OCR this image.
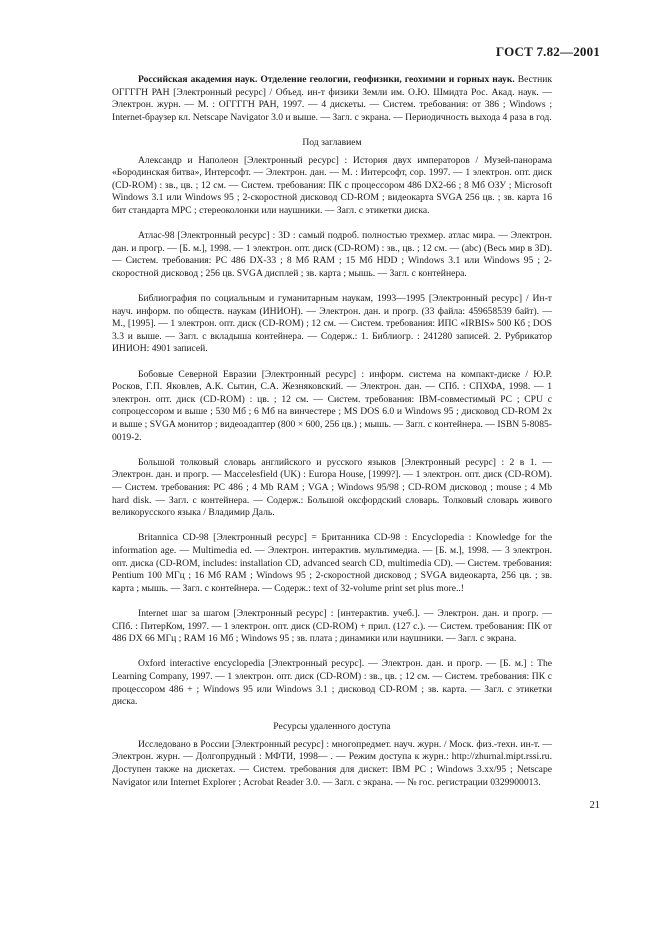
ГОСТ 7.82—2001

Российская академия наук. Отделение геологии, геофизики, геохимии и горных наук. Вестник ОГГГГН РАН [Электронный ресурс] / Объед. ин-т физики Земли им. О.Ю. Шмидта Рос. Акад. наук. — Электрон. журн. — М. : ОГГГГН РАН, 1997. — 4 дискеты. — Систем. требования: от 386 ; Windows ; Internet-браузер кл. Netscape Navigator 3.0 и выше. — Загл. с экрана. — Периодичность выхода 4 раза в год.

Под заглавием

Александр и Наполеон [Электронный ресурс] : История двух императоров / Музей-панорама «Бородинская битва», Интерсофт. — Электрон. дан. — М. : Интерсофт, сор. 1997. — 1 электрон. опт. диск (CD-ROM) : зв., цв. ; 12 см. — Систем. требования: ПК с процессором 486 DX2-66 ; 8 Мб ОЗУ ; Microsoft Windows 3.1 или Windows 95 ; 2-скоростной дисковод CD-ROM ; видеокарта SVGA 256 цв. ; зв. карта 16 бит стандарта MPC ; стереоколонки или наушники. — Загл. с этикетки диска.

Атлас-98 [Электронный ресурс] : 3D : самый подроб. полностью трехмер. атлас мира. — Электрон. дан. и прогр. — [Б. м.], 1998. — 1 электрон. опт. диск (CD-ROM) : зв., цв. ; 12 см. — (abc) (Весь мир в 3D). — Систем. требования: PC 486 DX-33 ; 8 Мб RAM ; 15 Мб HDD ; Windows 3.1 или Windows 95 ; 2-скоростной дисковод ; 256 цв. SVGA дисплей ; зв. карта ; мышь. — Загл. с контейнера.

Библиография по социальным и гуманитарным наукам, 1993—1995 [Электронный ресурс] / Ин-т науч. информ. по обществ. наукам (ИНИОН). — Электрон. дан. и прогр. (33 файла: 459658539 байт). — М., [1995]. — 1 электрон. опт. диск (CD-ROM) ; 12 см. — Систем. требования: ИПС «IRBIS» 500 Кб ; DOS 3.3 и выше. — Загл. с вкладыша контейнера. — Содерж.: 1. Библиогр. : 241280 записей. 2. Рубрикатор ИНИОН: 4901 записей.

Бобовые Северной Евразии [Электронный ресурс] : информ. система на компакт-диске / Ю.Р. Росков, Г.П. Яковлев, А.К. Сытин, С.А. Жезняковский. — Электрон. дан. — СПб. : СПХФА, 1998. — 1 электрон. опт. диск (CD-ROM) : цв. ; 12 см. — Систем. требования: IBM-совместимый PC ; CPU с сопроцессором и выше ; 530 Мб ; 6 Мб на винчестере ; MS DOS 6.0 и Windows 95 ; дисковод CD-ROM 2x и выше ; SVGA монитор ; видеоадаптер (800 × 600, 256 цв.) ; мышь. — Загл. с контейнера. — ISBN 5-8085-0019-2.

Большой толковый словарь английского и русского языков [Электронный ресурс] : 2 в 1. — Электрон. дан. и прогр. — Maccelesfield (UK) : Europa House, [1999?]. — 1 электрон. опт. диск (CD-ROM). — Систем. требования: PC 486 ; 4 Mb RAM ; VGA ; Windows 95/98 ; CD-ROM дисковод ; mouse ; 4 Mb hard disk. — Загл. с контейнера. — Содерж.: Большой оксфордский словарь. Толковый словарь живого великорусского языка / Владимир Даль.

Britannica CD-98 [Электронный ресурс] = Британника CD-98 : Encyclopedia : Knowledge for the information age. — Multimedia ed. — Электрон. интерактив. мультимедиа. — [Б. м.], 1998. — 3 электрон. опт. диска (CD-ROM, includes: installation CD, advanced search CD, multimedia CD). — Систем. требования: Pentium 100 МГц ; 16 Мб RAM ; Windows 95 ; 2-скоростной дисковод ; SVGA видеокарта, 256 цв. ; зв. карта ; мышь. — Загл. с контейнера. — Содерж.: text of 32-volume print set plus more..!

Internet шаг за шагом [Электронный ресурс] : [интерактив. учеб.]. — Электрон. дан. и прогр. — СПб. : ПитерКом, 1997. — 1 электрон. опт. диск (CD-ROM) + прил. (127 с.). — Систем. требования: ПК от 486 DX 66 МГц ; RAM 16 Мб ; Windows 95 ; зв. плата ; динамики или наушники. — Загл. с экрана.

Oxford interactive encyclopedia [Электронный ресурс]. — Электрон. дан. и прогр. — [Б. м.] : The Learning Company, 1997. — 1 электрон. опт. диск (CD-ROM) : зв., цв. ; 12 см. — Систем. требования: ПК с процессором 486 + ; Windows 95 или Windows 3.1 ; дисковод CD-ROM ; зв. карта. — Загл. с этикетки диска.

Ресурсы удаленного доступа

Исследовано в России [Электронный ресурс] : многопредмет. науч. журн. / Моск. физ.-техн. ин-т. — Электрон. журн. — Долгопрудный : МФТИ, 1998— . — Режим доступа к журн.: http://zhurnal.mipt.rssi.ru. Доступен также на дискетах. — Систем. требования для дискет: IBM PC ; Windows 3.xx/95 ; Netscape Navigator или Internet Explorer ; Acrobat Reader 3.0. — Загл. с экрана. — № гос. регистрации 0329900013.

21
